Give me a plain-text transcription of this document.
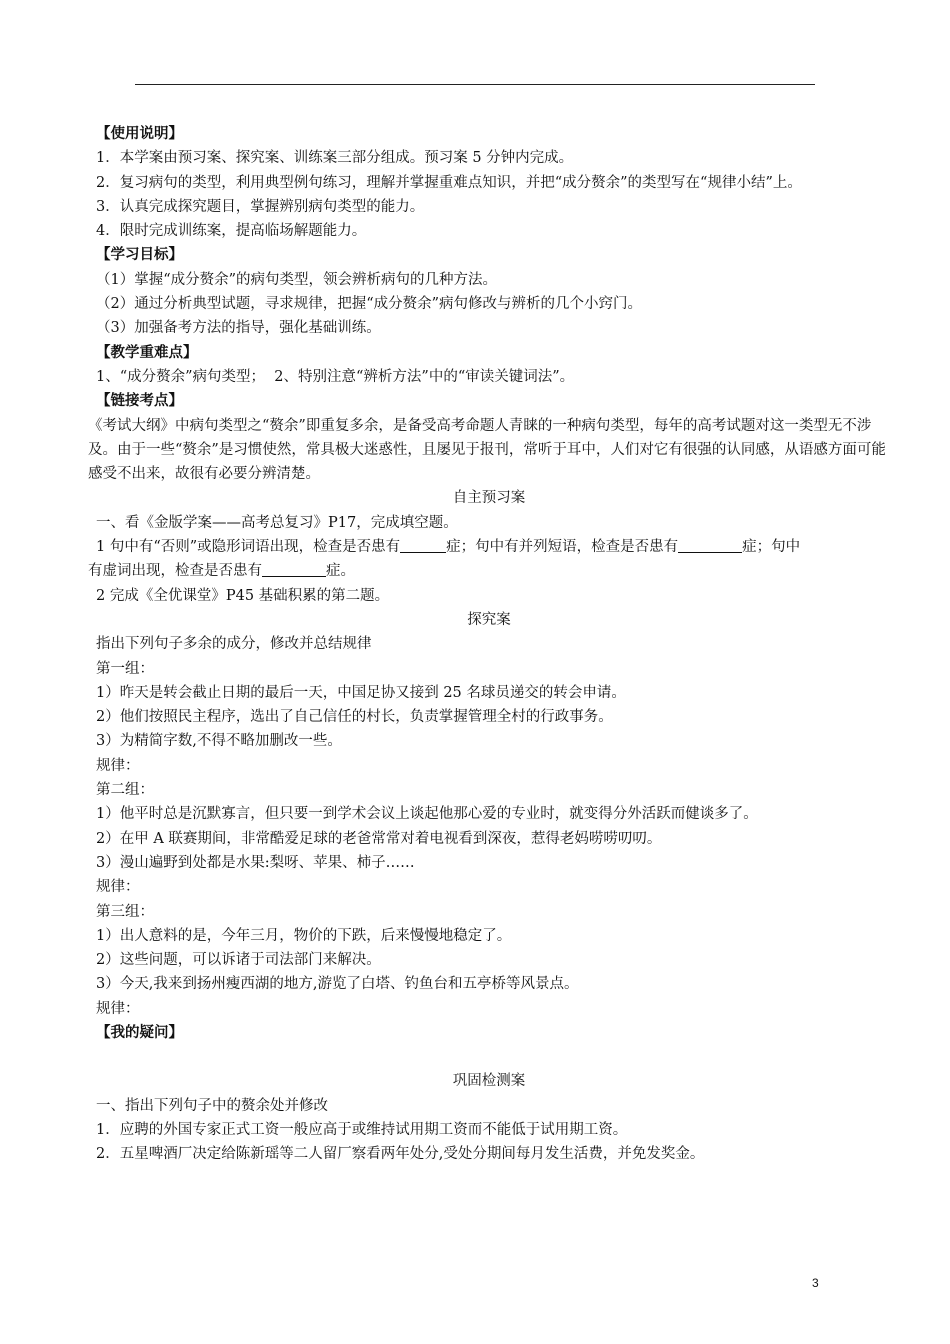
【使用说明】
1．本学案由预习案、探究案、训练案三部分组成。预习案 5 分钟内完成。
2．复习病句的类型，利用典型例句练习，理解并掌握重难点知识，并把“成分赘余”的类型写在“规律小结”上。
3．认真完成探究题目，掌握辨别病句类型的能力。
4．限时完成训练案，提高临场解题能力。
【学习目标】
（1）掌握“成分赘余”的病句类型，领会辨析病句的几种方法。
（2）通过分析典型试题，寻求规律，把握“成分赘余”病句修改与辨析的几个小窍门。
（3）加强备考方法的指导，强化基础训练。
【教学重难点】
1、“成分赘余”病句类型；  2、特别注意“辨析方法”中的“审读关键词法”。
【链接考点】
《考试大纲》中病句类型之“赘余”即重复多余，是备受高考命题人青睐的一种病句类型，每年的高考试题对这一类型无不涉及。由于一些“赘余”是习惯使然，常具极大迷惑性，且屡见于报刊，常听于耳中，人们对它有很强的认同感，从语感方面可能感受不出来，故很有必要分辨清楚。
自主预习案
一、看《金版学案——高考总复习》P17，完成填空题。
1 句中有“否则”或隐形词语出现，检查是否患有	症；句中有并列短语，检查是否患有	症；句中
有虚词出现，检查是否患有	症。
2 完成《全优课堂》P45 基础积累的第二题。
探究案
指出下列句子多余的成分，修改并总结规律
第一组：
1）昨天是转会截止日期的最后一天，中国足协又接到 25 名球员递交的转会申请。
2）他们按照民主程序，选出了自己信任的村长，负责掌握管理全村的行政事务。
3）为精简字数,不得不略加删改一些。
规律：
第二组：
1）他平时总是沉默寡言，但只要一到学术会议上谈起他那心爱的专业时，就变得分外活跃而健谈多了。
2）在甲 A 联赛期间，非常酷爱足球的老爸常常对着电视看到深夜，惹得老妈唠唠叨叨。
3）漫山遍野到处都是水果:梨呀、苹果、柿子……
规律：
第三组：
1）出人意料的是，今年三月，物价的下跌，后来慢慢地稳定了。
2）这些问题，可以诉诸于司法部门来解决。
3）今天,我来到扬州瘦西湖的地方,游览了白塔、钓鱼台和五亭桥等风景点。
规律：
【我的疑问】
巩固检测案
一、指出下列句子中的赘余处并修改
1．应聘的外国专家正式工资一般应高于或维持试用期工资而不能低于试用期工资。
2．五星啤酒厂决定给陈新瑶等二人留厂察看两年处分,受处分期间每月发生活费，并免发奖金。
3
